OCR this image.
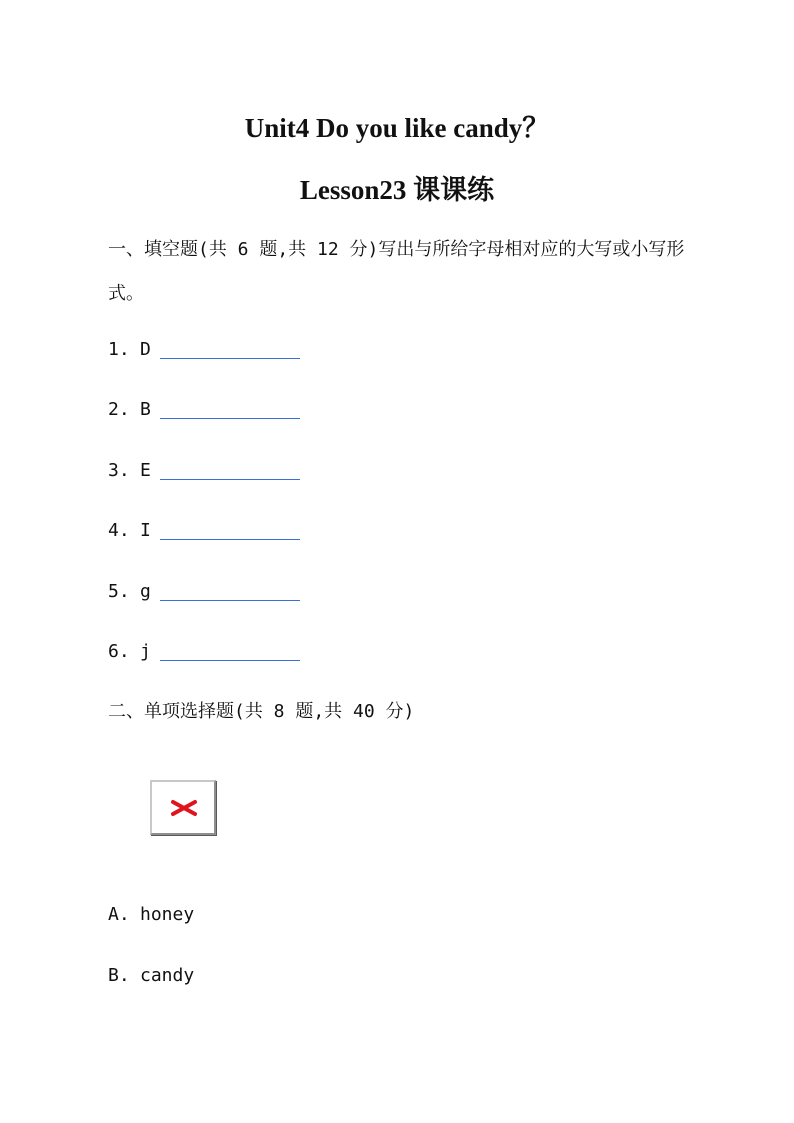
Unit4 Do you like candy？
Lesson23 课课练
一、填空题(共 6 题,共 12 分)写出与所给字母相对应的大写或小写形式。
1. D
2. B
3. E
4. I
5. g
6. j
二、单项选择题(共 8 题,共 40 分)
A. honey
B. candy
